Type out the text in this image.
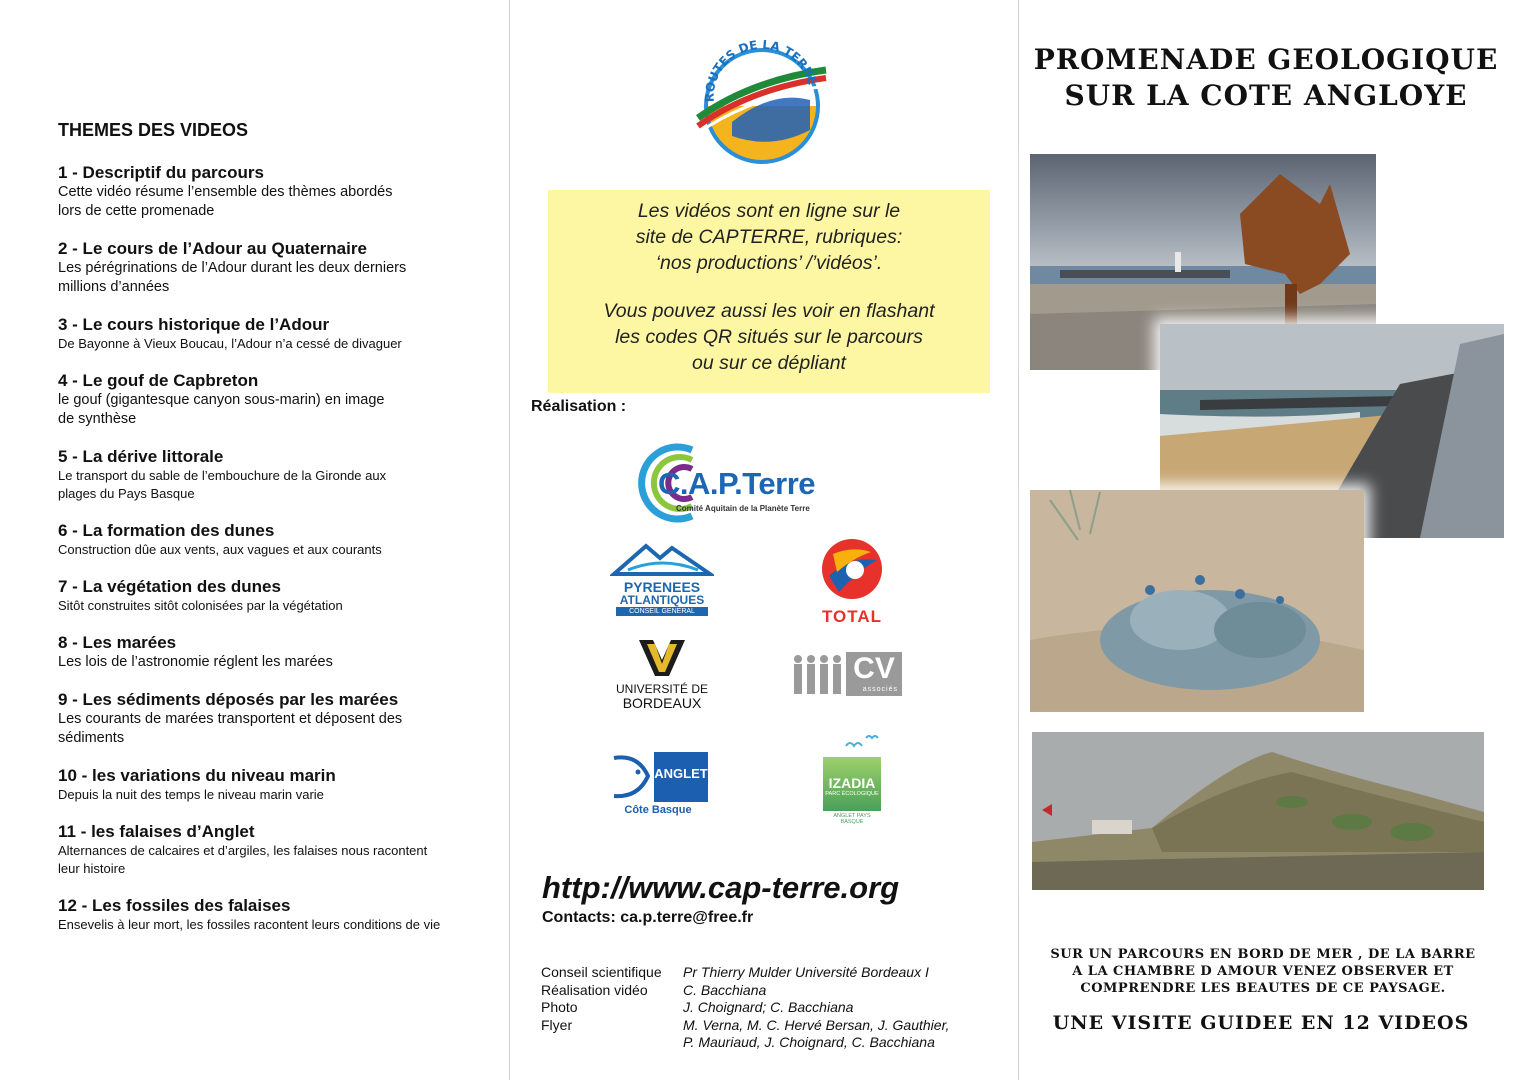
THEMES DES VIDEOS
1 - Descriptif du parcours
Cette vidéo résume l’ensemble des thèmes abordés
lors de cette promenade
2 - Le cours de l’Adour au Quaternaire
Les pérégrinations de l’Adour durant les deux derniers
millions d’années
3 - Le cours historique de l’Adour
De Bayonne à Vieux Boucau, l’Adour n’a cessé de divaguer
4 - Le gouf de Capbreton
le gouf (gigantesque canyon sous-marin) en image
de synthèse
5 - La dérive littorale
Le transport du sable de l’embouchure de la Gironde aux
plages du Pays Basque
6 - La formation des dunes
Construction dûe aux vents, aux vagues et aux courants
7 - La végétation des dunes
Sitôt construites sitôt colonisées par la végétation
8 - Les marées
Les lois de l’astronomie réglent les marées
9 - Les sédiments déposés par les marées
Les courants de marées transportent et déposent des
sédiments
10 - les variations du niveau marin
Depuis la nuit des temps le niveau marin varie
11 - les falaises d’Anglet
Alternances de calcaires et d’argiles, les falaises nous racontent
leur histoire
12 - Les fossiles des falaises
Ensevelis à leur mort, les fossiles racontent leurs conditions de vie
ROUTES DE LA TERRE

Les vidéos sont en ligne sur le
site de CAPTERRE, rubriques:
‘nos productions’ /’vidéos’.

Vous pouvez aussi les voir en flashant
les codes QR situés sur le parcours
ou sur ce dépliant

Réalisation :
C.A.P.Terre
Comité Aquitain de la Planète Terre
PYRENEES
ATLANTIQUES
CONSEIL GENERAL	TOTAL
UNIVERSITÉ DE
BORDEAUX
CV
associés
ANGLET
Côte Basque
IZADIA
PARC ÉCOLOGIQUE
ANGLET PAYS BASQUE
http://www.cap-terre.org
Contacts: ca.p.terre@free.fr
Conseil scientifique	Pr Thierry Mulder Université Bordeaux I
Réalisation vidéo	C. Bacchiana
Photo	J. Choignard; C. Bacchiana
Flyer	M. Verna, M. C. Hervé Bersan, J. Gauthier,
P. Mauriaud, J. Choignard, C. Bacchiana
PROMENADE GEOLOGIQUE
SUR LA COTE ANGLOYE
SUR UN PARCOURS EN BORD DE MER , DE LA BARRE
A LA CHAMBRE D AMOUR VENEZ OBSERVER ET
COMPRENDRE LES BEAUTES DE CE PAYSAGE.
UNE VISITE GUIDEE EN 12 VIDEOS
